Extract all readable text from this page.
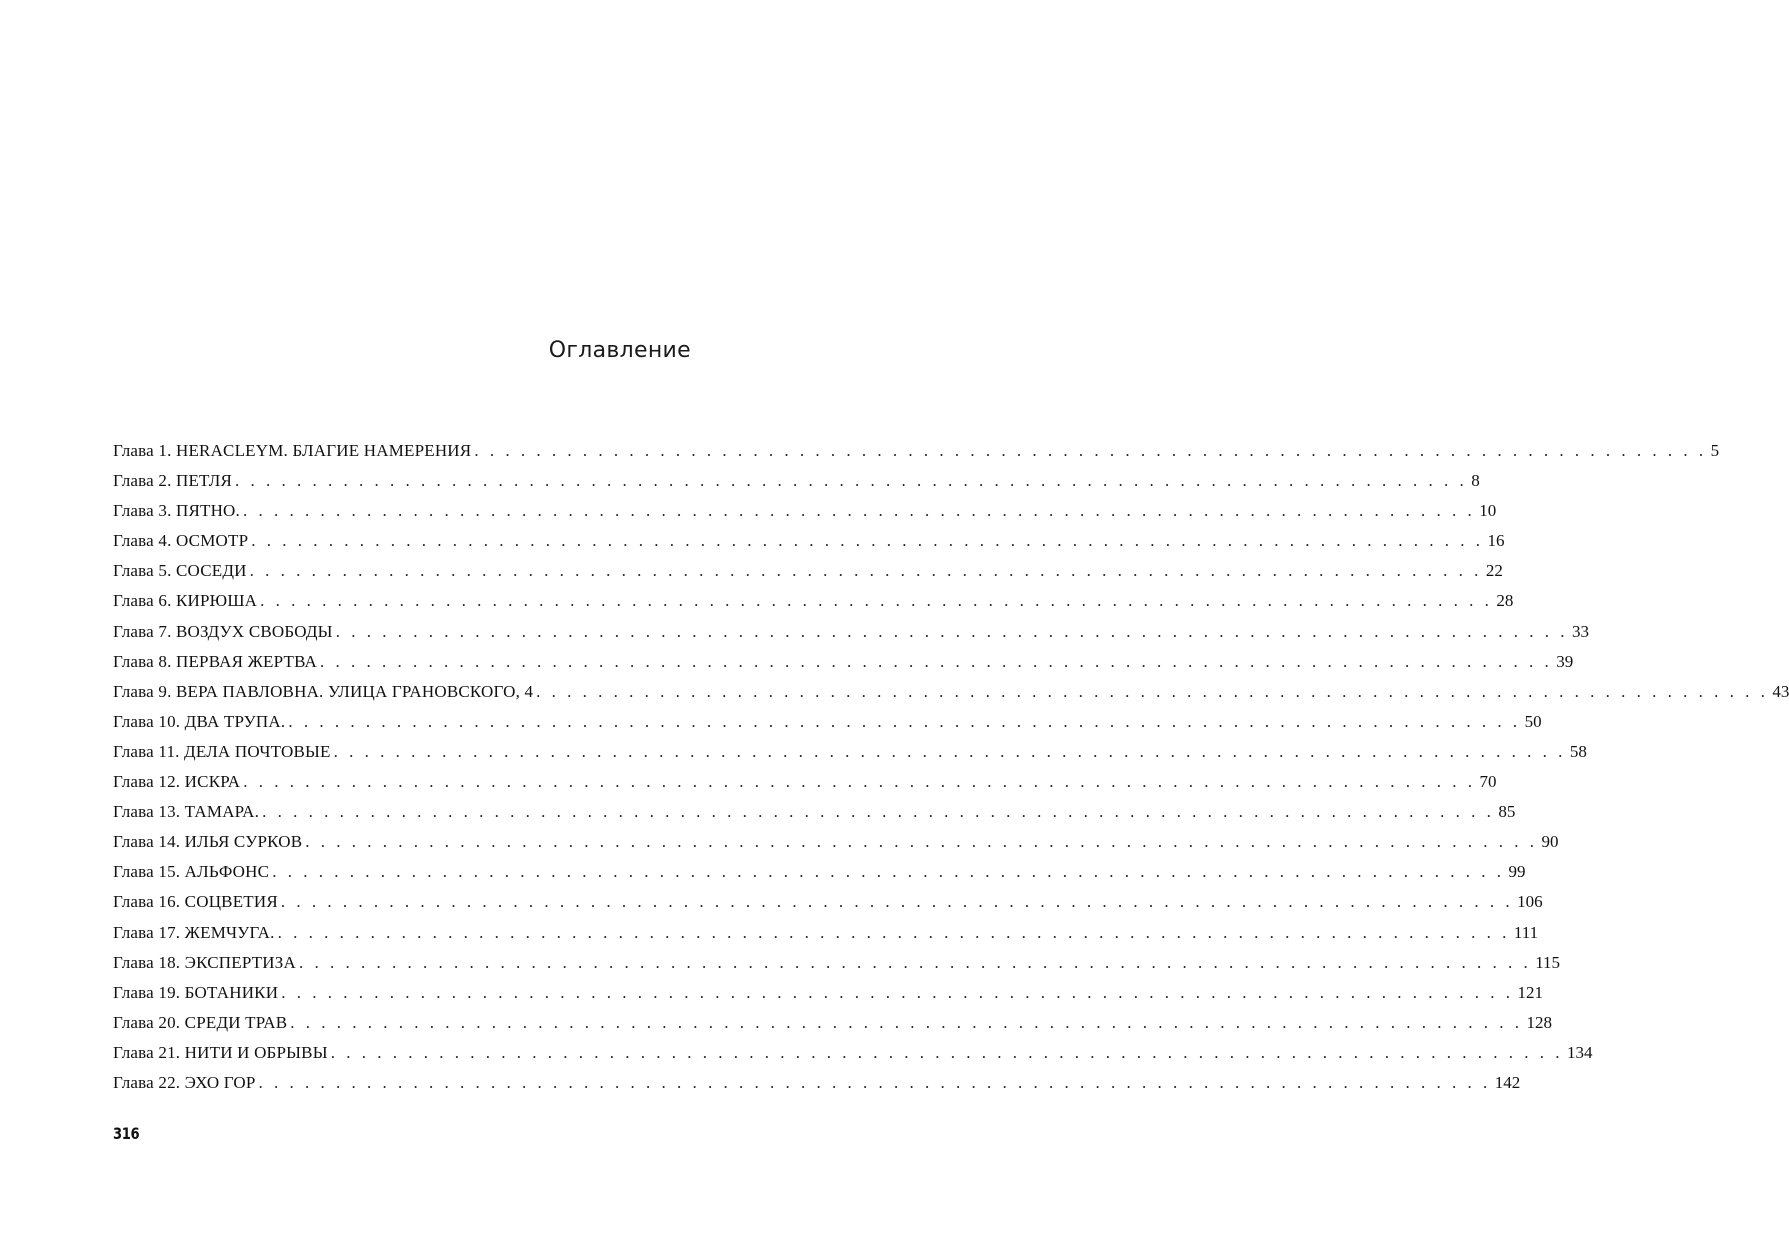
Оглавление
Глава 1. HERACLEYM. БЛАГИЕ НАМЕРЕНИЯ . . . . . . . . . . . . . . . . . . . . . . . . . . . . . . . . . . . . . . . . . . . . . . . . . . . . . . . . . . . . . . . . . . . . . . . . . . . . . . . . 5
Глава 2. ПЕТЛЯ . . . . . . . . . . . . . . . . . . . . . . . . . . . . . . . . . . . . . . . . . . . . . . . . . . . . . . . . . . . . . . . . . . . . . . . . . . . . . . . . 8
Глава 3. ПЯТНО. . . . . . . . . . . . . . . . . . . . . . . . . . . . . . . . . . . . . . . . . . . . . . . . . . . . . . . . . . . . . . . . . . . . . . . . . . . . . . . . . 10
Глава 4. ОСМОТР . . . . . . . . . . . . . . . . . . . . . . . . . . . . . . . . . . . . . . . . . . . . . . . . . . . . . . . . . . . . . . . . . . . . . . . . . . . . . . . . 16
Глава 5. СОСЕДИ . . . . . . . . . . . . . . . . . . . . . . . . . . . . . . . . . . . . . . . . . . . . . . . . . . . . . . . . . . . . . . . . . . . . . . . . . . . . . . . . 22
Глава 6. КИРЮША . . . . . . . . . . . . . . . . . . . . . . . . . . . . . . . . . . . . . . . . . . . . . . . . . . . . . . . . . . . . . . . . . . . . . . . . . . . . . . . . 28
Глава 7. ВОЗДУХ СВОБОДЫ . . . . . . . . . . . . . . . . . . . . . . . . . . . . . . . . . . . . . . . . . . . . . . . . . . . . . . . . . . . . . . . . . . . . . . . . . . . . . . . . 33
Глава 8. ПЕРВАЯ ЖЕРТВА . . . . . . . . . . . . . . . . . . . . . . . . . . . . . . . . . . . . . . . . . . . . . . . . . . . . . . . . . . . . . . . . . . . . . . . . . . . . . . . . 39
Глава 9. ВЕРА ПАВЛОВНА. УЛИЦА ГРАНОВСКОГО, 4 . . . . . . . . . . . . . . . . . . . . . . . . . . . . . . . . . . . . . . . . . . . . . . . . . . . . . . . . . . . . . . . . . . . . . . . . . . . . . . . . 43
Глава 10. ДВА ТРУПА. . . . . . . . . . . . . . . . . . . . . . . . . . . . . . . . . . . . . . . . . . . . . . . . . . . . . . . . . . . . . . . . . . . . . . . . . . . . . . . . . 50
Глава 11. ДЕЛА ПОЧТОВЫЕ . . . . . . . . . . . . . . . . . . . . . . . . . . . . . . . . . . . . . . . . . . . . . . . . . . . . . . . . . . . . . . . . . . . . . . . . . . . . . . . . 58
Глава 12. ИСКРА . . . . . . . . . . . . . . . . . . . . . . . . . . . . . . . . . . . . . . . . . . . . . . . . . . . . . . . . . . . . . . . . . . . . . . . . . . . . . . . . 70
Глава 13. ТАМАРА. . . . . . . . . . . . . . . . . . . . . . . . . . . . . . . . . . . . . . . . . . . . . . . . . . . . . . . . . . . . . . . . . . . . . . . . . . . . . . . . . 85
Глава 14. ИЛЬЯ СУРКОВ . . . . . . . . . . . . . . . . . . . . . . . . . . . . . . . . . . . . . . . . . . . . . . . . . . . . . . . . . . . . . . . . . . . . . . . . . . . . . . . . 90
Глава 15. АЛЬФОНС . . . . . . . . . . . . . . . . . . . . . . . . . . . . . . . . . . . . . . . . . . . . . . . . . . . . . . . . . . . . . . . . . . . . . . . . . . . . . . . . 99
Глава 16. СОЦВЕТИЯ . . . . . . . . . . . . . . . . . . . . . . . . . . . . . . . . . . . . . . . . . . . . . . . . . . . . . . . . . . . . . . . . . . . . . . . . . . . . . . . . 106
Глава 17. ЖЕМЧУГА. . . . . . . . . . . . . . . . . . . . . . . . . . . . . . . . . . . . . . . . . . . . . . . . . . . . . . . . . . . . . . . . . . . . . . . . . . . . . . . . . 111
Глава 18. ЭКСПЕРТИЗА . . . . . . . . . . . . . . . . . . . . . . . . . . . . . . . . . . . . . . . . . . . . . . . . . . . . . . . . . . . . . . . . . . . . . . . . . . . . . . . . 115
Глава 19. БОТАНИКИ . . . . . . . . . . . . . . . . . . . . . . . . . . . . . . . . . . . . . . . . . . . . . . . . . . . . . . . . . . . . . . . . . . . . . . . . . . . . . . . . 121
Глава 20. СРЕДИ ТРАВ . . . . . . . . . . . . . . . . . . . . . . . . . . . . . . . . . . . . . . . . . . . . . . . . . . . . . . . . . . . . . . . . . . . . . . . . . . . . . . . . 128
Глава 21. НИТИ И ОБРЫВЫ . . . . . . . . . . . . . . . . . . . . . . . . . . . . . . . . . . . . . . . . . . . . . . . . . . . . . . . . . . . . . . . . . . . . . . . . . . . . . . . . 134
Глава 22. ЭХО ГОР . . . . . . . . . . . . . . . . . . . . . . . . . . . . . . . . . . . . . . . . . . . . . . . . . . . . . . . . . . . . . . . . . . . . . . . . . . . . . . . . 142
316
